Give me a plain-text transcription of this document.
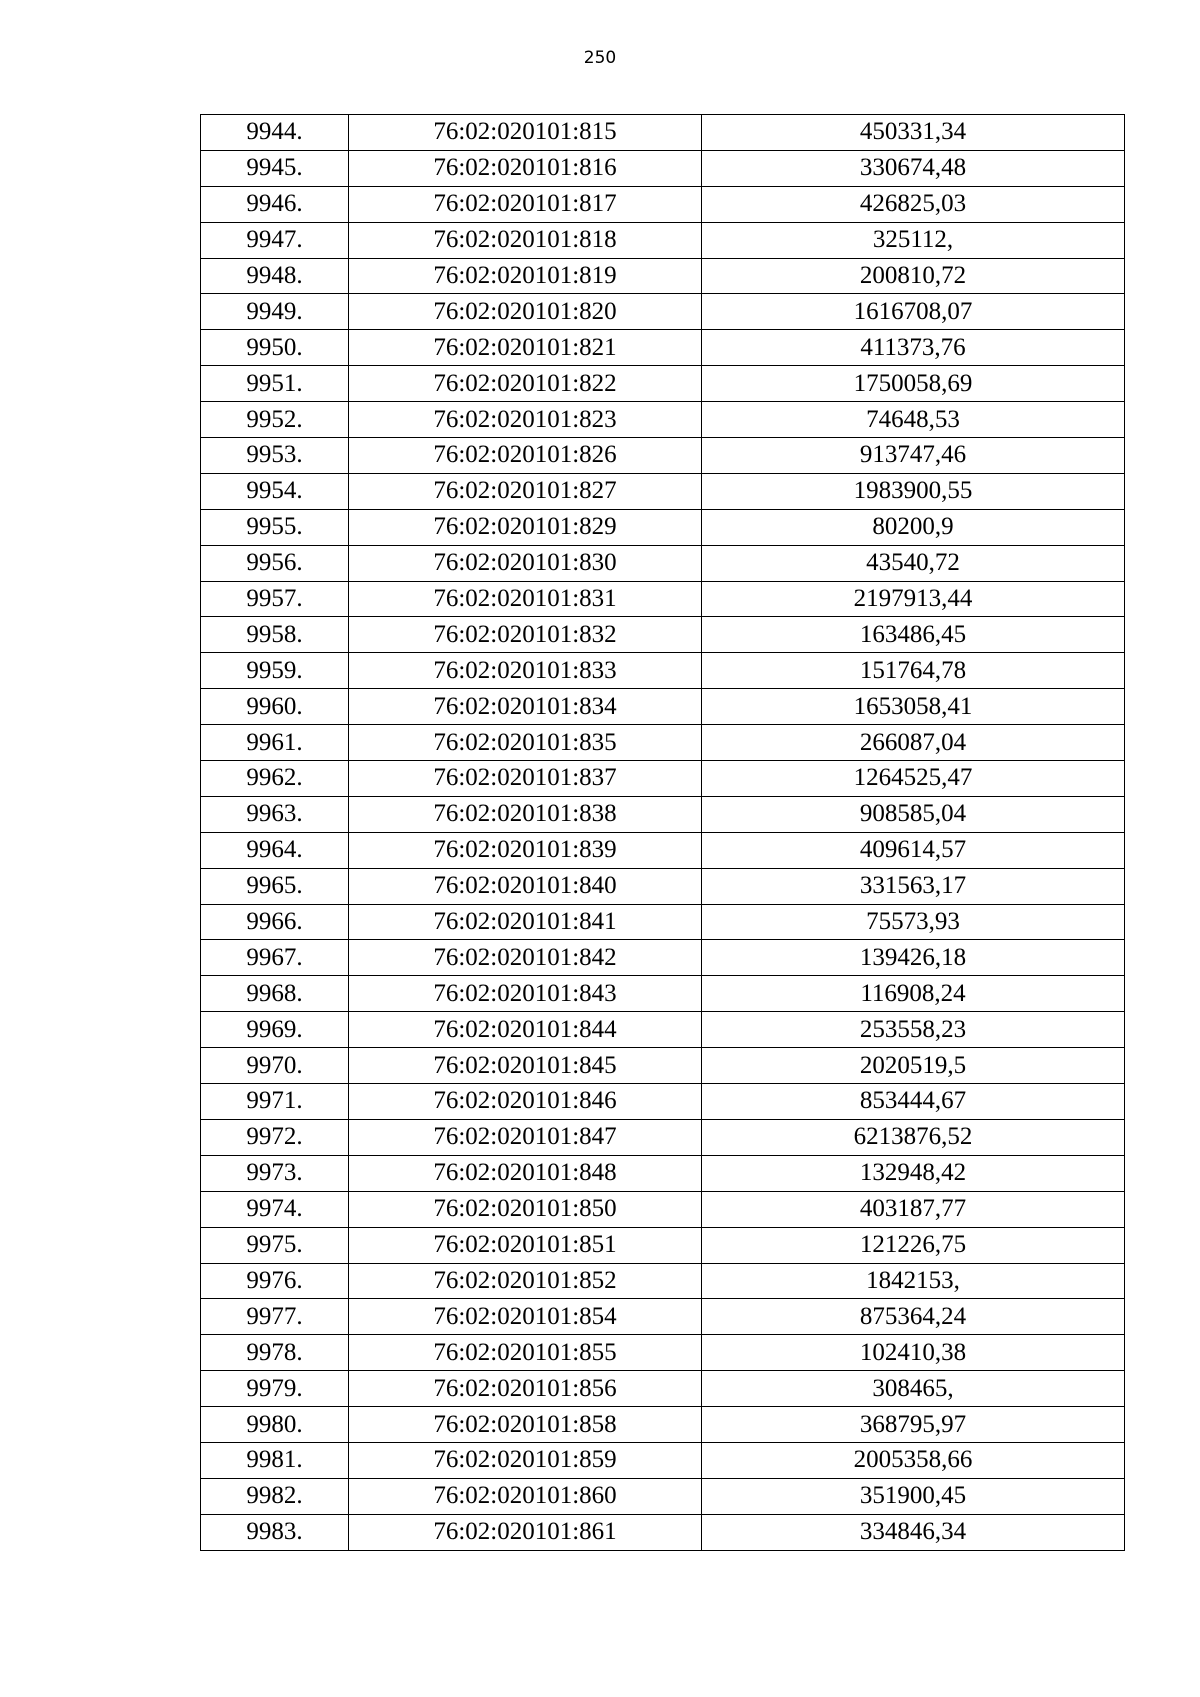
250
9944.	76:02:020101:815	450331,34
9945.	76:02:020101:816	330674,48
9946.	76:02:020101:817	426825,03
9947.	76:02:020101:818	325112,
9948.	76:02:020101:819	200810,72
9949.	76:02:020101:820	1616708,07
9950.	76:02:020101:821	411373,76
9951.	76:02:020101:822	1750058,69
9952.	76:02:020101:823	74648,53
9953.	76:02:020101:826	913747,46
9954.	76:02:020101:827	1983900,55
9955.	76:02:020101:829	80200,9
9956.	76:02:020101:830	43540,72
9957.	76:02:020101:831	2197913,44
9958.	76:02:020101:832	163486,45
9959.	76:02:020101:833	151764,78
9960.	76:02:020101:834	1653058,41
9961.	76:02:020101:835	266087,04
9962.	76:02:020101:837	1264525,47
9963.	76:02:020101:838	908585,04
9964.	76:02:020101:839	409614,57
9965.	76:02:020101:840	331563,17
9966.	76:02:020101:841	75573,93
9967.	76:02:020101:842	139426,18
9968.	76:02:020101:843	116908,24
9969.	76:02:020101:844	253558,23
9970.	76:02:020101:845	2020519,5
9971.	76:02:020101:846	853444,67
9972.	76:02:020101:847	6213876,52
9973.	76:02:020101:848	132948,42
9974.	76:02:020101:850	403187,77
9975.	76:02:020101:851	121226,75
9976.	76:02:020101:852	1842153,
9977.	76:02:020101:854	875364,24
9978.	76:02:020101:855	102410,38
9979.	76:02:020101:856	308465,
9980.	76:02:020101:858	368795,97
9981.	76:02:020101:859	2005358,66
9982.	76:02:020101:860	351900,45
9983.	76:02:020101:861	334846,34
